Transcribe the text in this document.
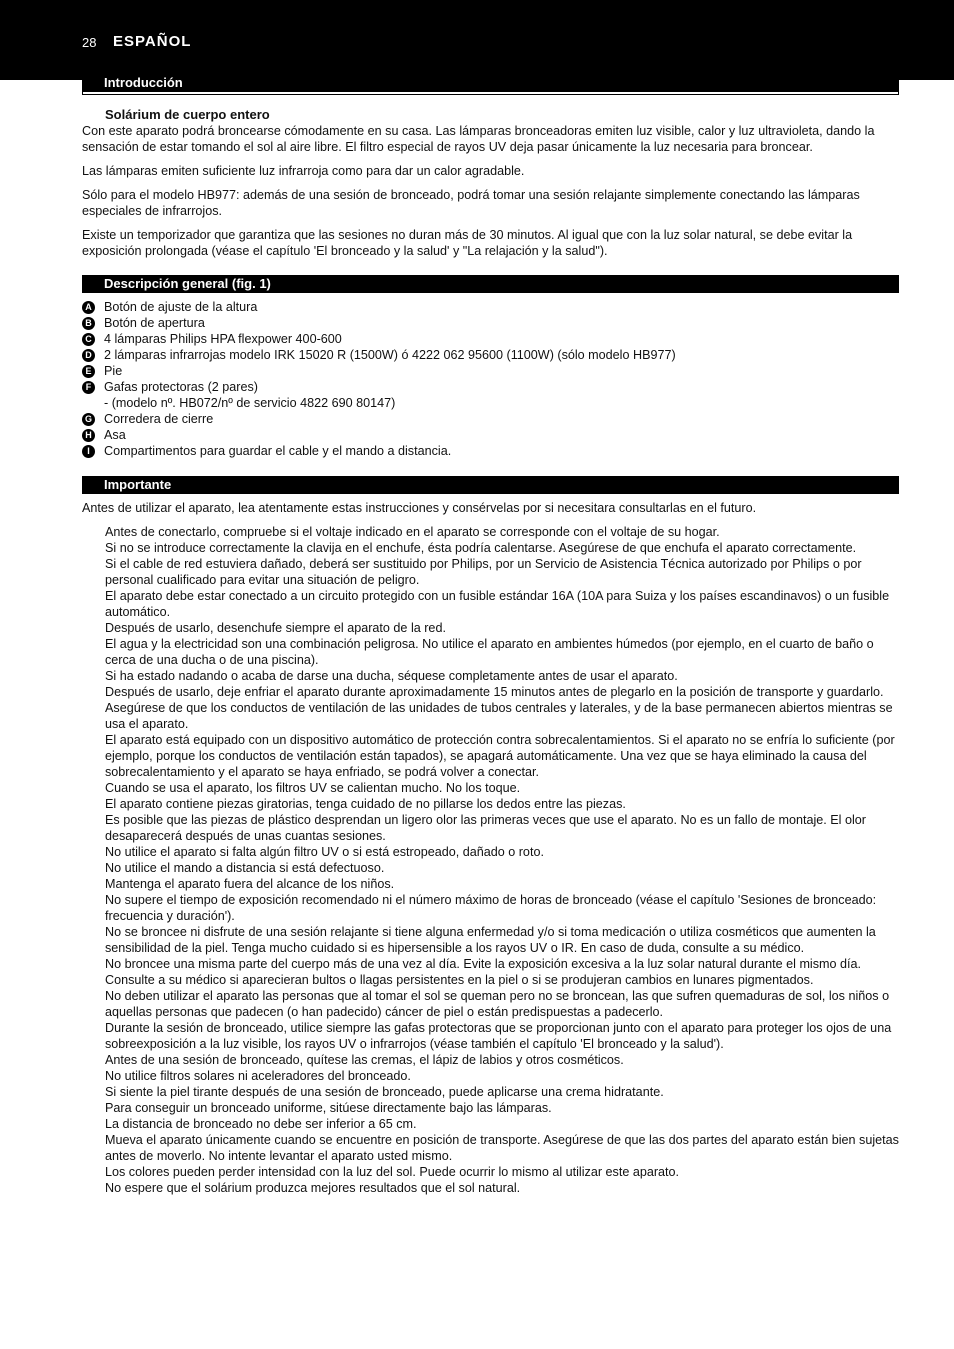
28 ESPAÑOL
Introducción
Solárium de cuerpo entero

Con este aparato podrá broncearse cómodamente en su casa. Las lámparas bronceadoras emiten luz visible, calor y luz ultravioleta, dando la sensación de estar tomando el sol al aire libre. El filtro especial de rayos UV deja pasar únicamente la luz necesaria para broncear.

Las lámparas emiten suficiente luz infrarroja como para dar un calor agradable.

Sólo para el modelo HB977: además de una sesión de bronceado, podrá tomar una sesión relajante simplemente conectando las lámparas especiales de infrarrojos.

Existe un temporizador que garantiza que las sesiones no duran más de 30 minutos. Al igual que con la luz solar natural, se debe evitar la exposición prolongada (véase el capítulo 'El bronceado y la salud' y "La relajación y la salud").

Descripción general (fig. 1)
A Botón de ajuste de la altura
B Botón de apertura
C 4 lámparas Philips HPA flexpower 400-600
D 2 lámparas infrarrojas modelo IRK 15020 R (1500W) ó 4222 062 95600 (1100W) (sólo modelo HB977)
E Pie
F Gafas protectoras (2 pares)
- (modelo nº. HB072/nº de servicio 4822 690 80147)
G Corredera de cierre
H Asa
I	Compartimentos para guardar el cable y el mando a distancia.
Importante
Antes de utilizar el aparato, lea atentamente estas instrucciones y consérvelas por si necesitara consultarlas en el futuro.
Antes de conectarlo, compruebe si el voltaje indicado en el aparato se corresponde con el voltaje de su hogar.
Si no se introduce correctamente la clavija en el enchufe, ésta podría calentarse. Asegúrese de que enchufa el aparato correctamente.
Si el cable de red estuviera dañado, deberá ser sustituido por Philips, por un Servicio de Asistencia Técnica autorizado por Philips o por personal cualificado para evitar una situación de peligro.
El aparato debe estar conectado a un circuito protegido con un fusible estándar 16A (10A para Suiza y los países escandinavos) o un fusible automático.
Después de usarlo, desenchufe siempre el aparato de la red.
El agua y la electricidad son una combinación peligrosa. No utilice el aparato en ambientes húmedos (por ejemplo, en el cuarto de baño o cerca de una ducha o de una piscina).
Si ha estado nadando o acaba de darse una ducha, séquese completamente antes de usar el aparato.
Después de usarlo, deje enfriar el aparato durante aproximadamente 15 minutos antes de plegarlo en la posición de transporte y guardarlo.
Asegúrese de que los conductos de ventilación de las unidades de tubos centrales y laterales, y de la base permanecen abiertos mientras se usa el aparato.
El aparato está equipado con un dispositivo automático de protección contra sobrecalentamientos. Si el aparato no se enfría lo suficiente (por ejemplo, porque los conductos de ventilación están tapados), se apagará automáticamente. Una vez que se haya eliminado la causa del sobrecalentamiento y el aparato se haya enfriado, se podrá volver a conectar.
Cuando se usa el aparato, los filtros UV se calientan mucho. No los toque.
El aparato contiene piezas giratorias, tenga cuidado de no pillarse los dedos entre las piezas.
Es posible que las piezas de plástico desprendan un ligero olor las primeras veces que use el aparato. No es un fallo de montaje. El olor desaparecerá después de unas cuantas sesiones.
No utilice el aparato si falta algún filtro UV o si está estropeado, dañado o roto.
No utilice el mando a distancia si está defectuoso.
Mantenga el aparato fuera del alcance de los niños.
No supere el tiempo de exposición recomendado ni el número máximo de horas de bronceado (véase el capítulo 'Sesiones de bronceado: frecuencia y duración').
No se broncee ni disfrute de una sesión relajante si tiene alguna enfermedad y/o si toma medicación o utiliza cosméticos que aumenten la sensibilidad de la piel. Tenga mucho cuidado si es hipersensible a los rayos UV o IR. En caso de duda, consulte a su médico.
No broncee una misma parte del cuerpo más de una vez al día. Evite la exposición excesiva a la luz solar natural durante el mismo día.
Consulte a su médico si aparecieran bultos o llagas persistentes en la piel o si se produjeran cambios en lunares pigmentados.
No deben utilizar el aparato las personas que al tomar el sol se queman pero no se broncean, las que sufren quemaduras de sol, los niños o aquellas personas que padecen (o han padecido) cáncer de piel o están predispuestas a padecerlo.
Durante la sesión de bronceado, utilice siempre las gafas protectoras que se proporcionan junto con el aparato para proteger los ojos de una sobreexposición a la luz visible, los rayos UV o infrarrojos (véase también el capítulo 'El bronceado y la salud').
Antes de una sesión de bronceado, quítese las cremas, el lápiz de labios y otros cosméticos.
No utilice filtros solares ni aceleradores del bronceado.
Si siente la piel tirante después de una sesión de bronceado, puede aplicarse una crema hidratante.
Para conseguir un bronceado uniforme, sitúese directamente bajo las lámparas.
La distancia de bronceado no debe ser inferior a 65 cm.
Mueva el aparato únicamente cuando se encuentre en posición de transporte. Asegúrese de que las dos partes del aparato están bien sujetas antes de moverlo. No intente levantar el aparato usted mismo.
Los colores pueden perder intensidad con la luz del sol. Puede ocurrir lo mismo al utilizar este aparato.
No espere que el solárium produzca mejores resultados que el sol natural.
